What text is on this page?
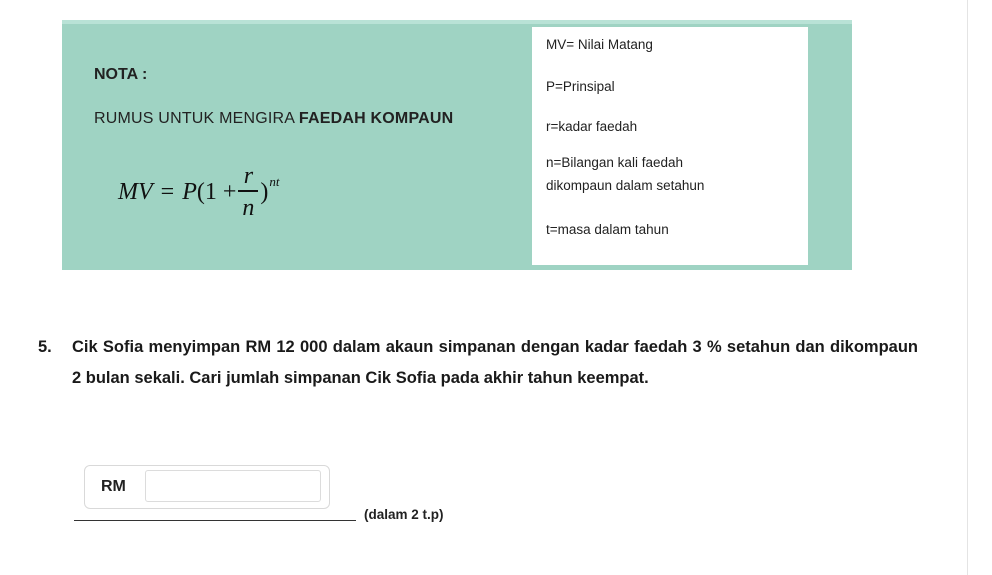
NOTA :
RUMUS UNTUK MENGIRA FAEDAH KOMPAUN
MV = P $(1 + \frac{r}{n} )^{nt}$
MV= Nilai Matang
P=Prinsipal
r=kadar faedah
n=Bilangan kali faedah
dikompaun dalam setahun
t=masa dalam tahun
5. Cik Sofia menyimpan RM 12 000 dalam akaun simpanan dengan kadar faedah 3 % setahun dan dikompaun 2 bulan sekali. Cari jumlah simpanan Cik Sofia pada akhir tahun keempat.
RM
(dalam 2 t.p)
